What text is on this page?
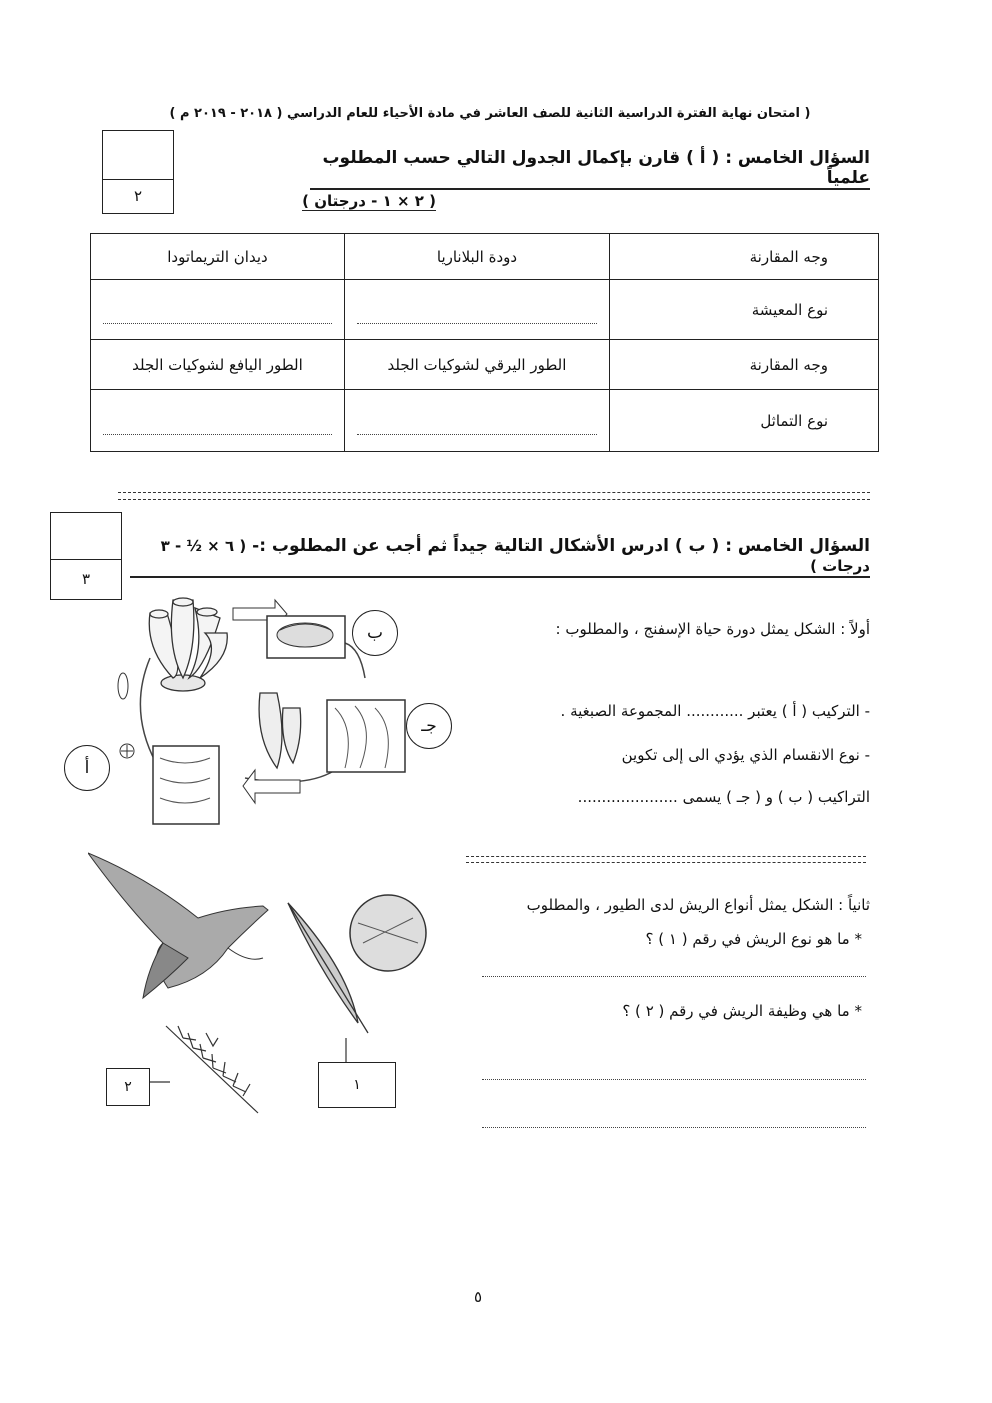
( امتحان نهاية الفترة الدراسية الثانية للصف العاشر في مادة الأحياء للعام الدراسي ( ٢٠١٨ - ٢٠١٩ م )
٢
السؤال الخامس : ( أ ) قارن بإكمال الجدول التالي حسب المطلوب علمياً
( ٢ × ١ - درجتان )
وجه المقارنة	دودة البلاناريا	ديدان التريماتودا
نوع المعيشة	

وجه المقارنة	الطور اليرقي لشوكيات الجلد	الطور اليافع لشوكيات الجلد
نوع التماثل	

٣
السؤال الخامس : ( ب ) ادرس الأشكال التالية جيداً ثم أجب عن المطلوب :- ( ٦ × ½ - ٣ درجات )
أ
ب
جـ
أولاً : الشكل يمثل دورة حياة الإسفنج ، والمطلوب :
- التركيب ( أ ) يعتبر ............ المجموعة الصبغية .
- نوع الانقسام الذي يؤدي الى إلى تكوين
التراكيب ( ب ) و ( جـ ) يسمى .....................
١
٢
ثانياً : الشكل يمثل أنواع الريش لدى الطيور ، والمطلوب
* ما هو نوع الريش في رقم ( ١ ) ؟
* ما هي وظيفة الريش في رقم ( ٢ ) ؟
٥
